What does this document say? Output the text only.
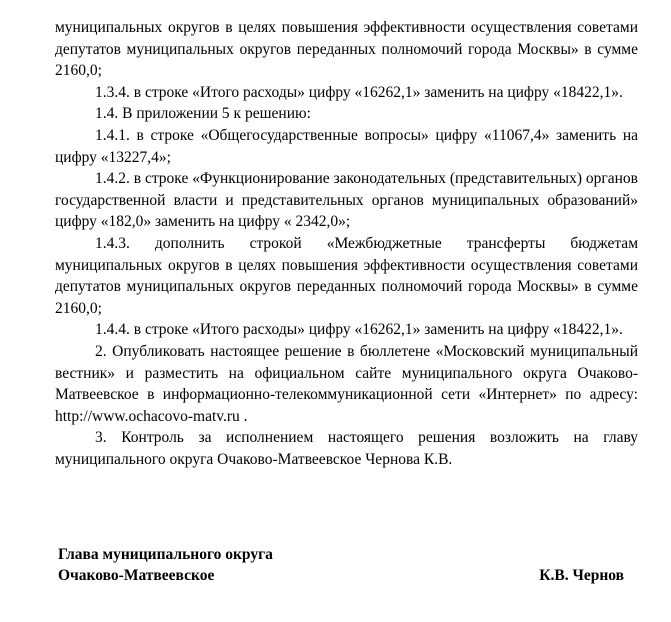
муниципальных округов в целях повышения эффективности осуществления советами депутатов муниципальных округов переданных полномочий города Москвы» в сумме 2160,0;

1.3.4. в строке «Итого расходы» цифру «16262,1» заменить на цифру «18422,1».

1.4. В приложении 5 к решению:

1.4.1. в строке «Общегосударственные вопросы» цифру «11067,4» заменить на цифру «13227,4»;

1.4.2. в строке «Функционирование законодательных (представительных) органов государственной власти и представительных органов муниципальных образований» цифру «182,0» заменить на цифру « 2342,0»;

1.4.3. дополнить строкой «Межбюджетные трансферты бюджетам муниципальных округов в целях повышения эффективности осуществления советами депутатов муниципальных округов переданных полномочий города Москвы» в сумме 2160,0;

1.4.4. в строке «Итого расходы» цифру «16262,1» заменить на цифру «18422,1».

2. Опубликовать настоящее решение в бюллетене «Московский муниципальный вестник» и разместить на официальном сайте муниципального округа Очаково-Матвеевское в информационно-телекоммуникационной сети «Интернет» по адресу: http://www.ochacovo-matv.ru .

3. Контроль за исполнением настоящего решения возложить на главу муниципального округа Очаково-Матвеевское Чернова К.В.

Глава муниципального округа
Очаково-Матвеевское	К.В. Чернов
